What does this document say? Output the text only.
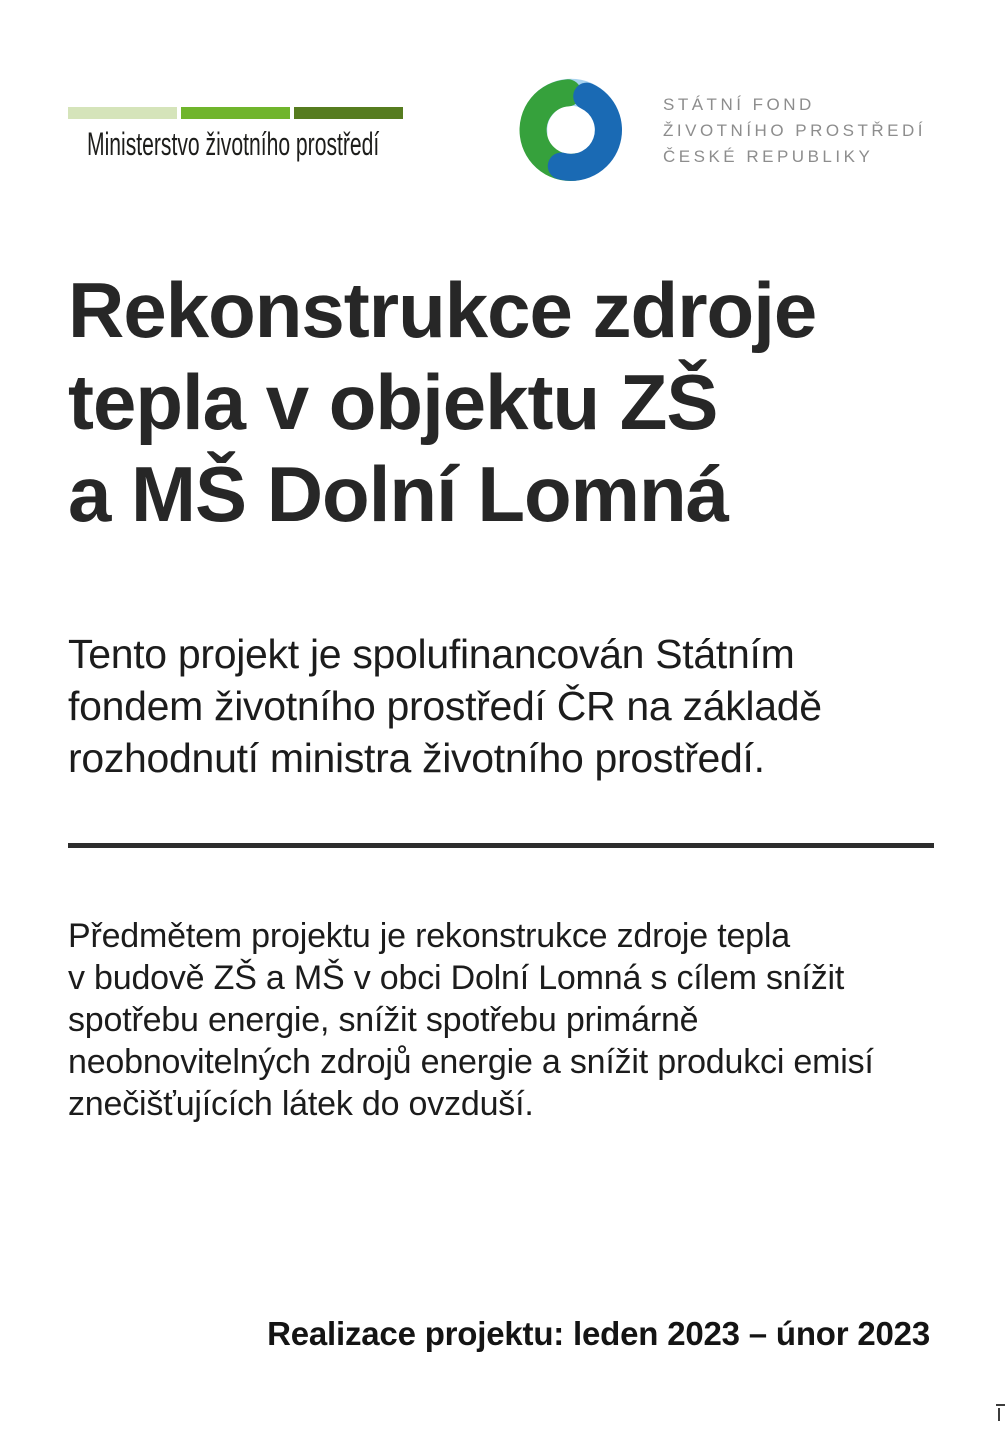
Ministerstvo životního prostředí
STÁTNÍ FOND
ŽIVOTNÍHO PROSTŘEDÍ
ČESKÉ REPUBLIKY
Rekonstrukce zdroje
tepla v objektu ZŠ
a MŠ Dolní Lomná
Tento projekt je spolufinancován Státním
fondem životního prostředí ČR na základě
rozhodnutí ministra životního prostředí.
Předmětem projektu je rekonstrukce zdroje tepla
v budově ZŠ a MŠ v obci Dolní Lomná s cílem snížit
spotřebu energie, snížit spotřebu primárně
neobnovitelných zdrojů energie a snížit produkci emisí
znečišťujících látek do ovzduší.
Realizace projektu: leden 2023 – únor 2023
